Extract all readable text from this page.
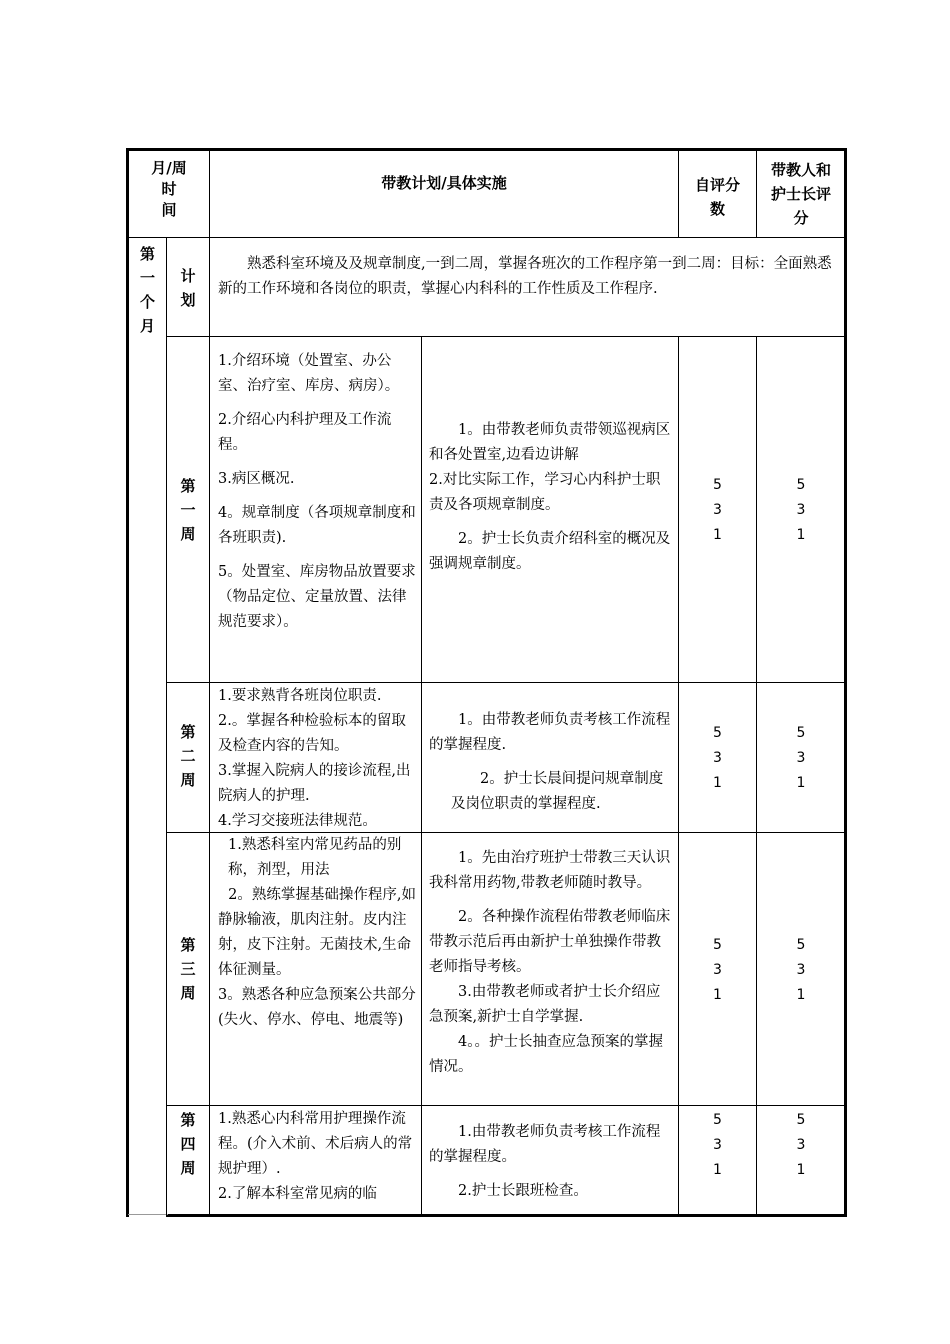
月/周
时
间
带教计划/具体实施	自评分
数
带教人和
护士长评
分
第
一
个
月
计
划
熟悉科室环境及及规章制度,一到二周，掌握各班次的工作程序第一到二周：目标：全面熟悉新的工作环境和各岗位的职责，掌握心内科科的工作性质及工作程序.
第
一
周

1.介绍环境（处置室、办公室、治疗室、库房、病房）。

2.介绍心内科护理及工作流程。

3.病区概况.

4。规章制度（各项规章制度和各班职责).

5。处置室、库房物品放置要求（物品定位、定量放置、法律规范要求）。

1。由带教老师负责带领巡视病区和各处置室,边看边讲解

2.对比实际工作，学习心内科护士职责及各项规章制度。

2。护士长负责介绍科室的概况及强调规章制度。

5
3
1
5
3
1
第
二
周

1.要求熟背各班岗位职责.

2.。掌握各种检验标本的留取及检查内容的告知。

3.掌握入院病人的接诊流程,出院病人的护理.

4.学习交接班法律规范。

1。由带教老师负责考核工作流程的掌握程度.

2。护士长晨间提问规章制度及岗位职责的掌握程度.

5
3
1
5
3
1
第
三
周

1.熟悉科室内常见药品的别称，剂型，用法

2。熟练掌握基础操作程序,如静脉输液，肌肉注射。皮内注射，皮下注射。无菌技术,生命体征测量。

3。熟悉各种应急预案公共部分(失火、停水、停电、地震等)

1。先由治疗班护士带教三天认识我科常用药物,带教老师随时教导。

2。各种操作流程佑带教老师临床带教示范后再由新护士单独操作带教老师指导考核。

3.由带教老师或者护士长介绍应急预案,新护士自学掌握.

4。。护士长抽查应急预案的掌握情况。

5
3
1
5
3
1
第
四
周

1.熟悉心内科常用护理操作流程。(介入术前、术后病人的常规护理）.

2.了解本科室常见病的临

1.由带教老师负责考核工作流程的掌握程度。

2.护士长跟班检查。

5
3
1
5
3
1
